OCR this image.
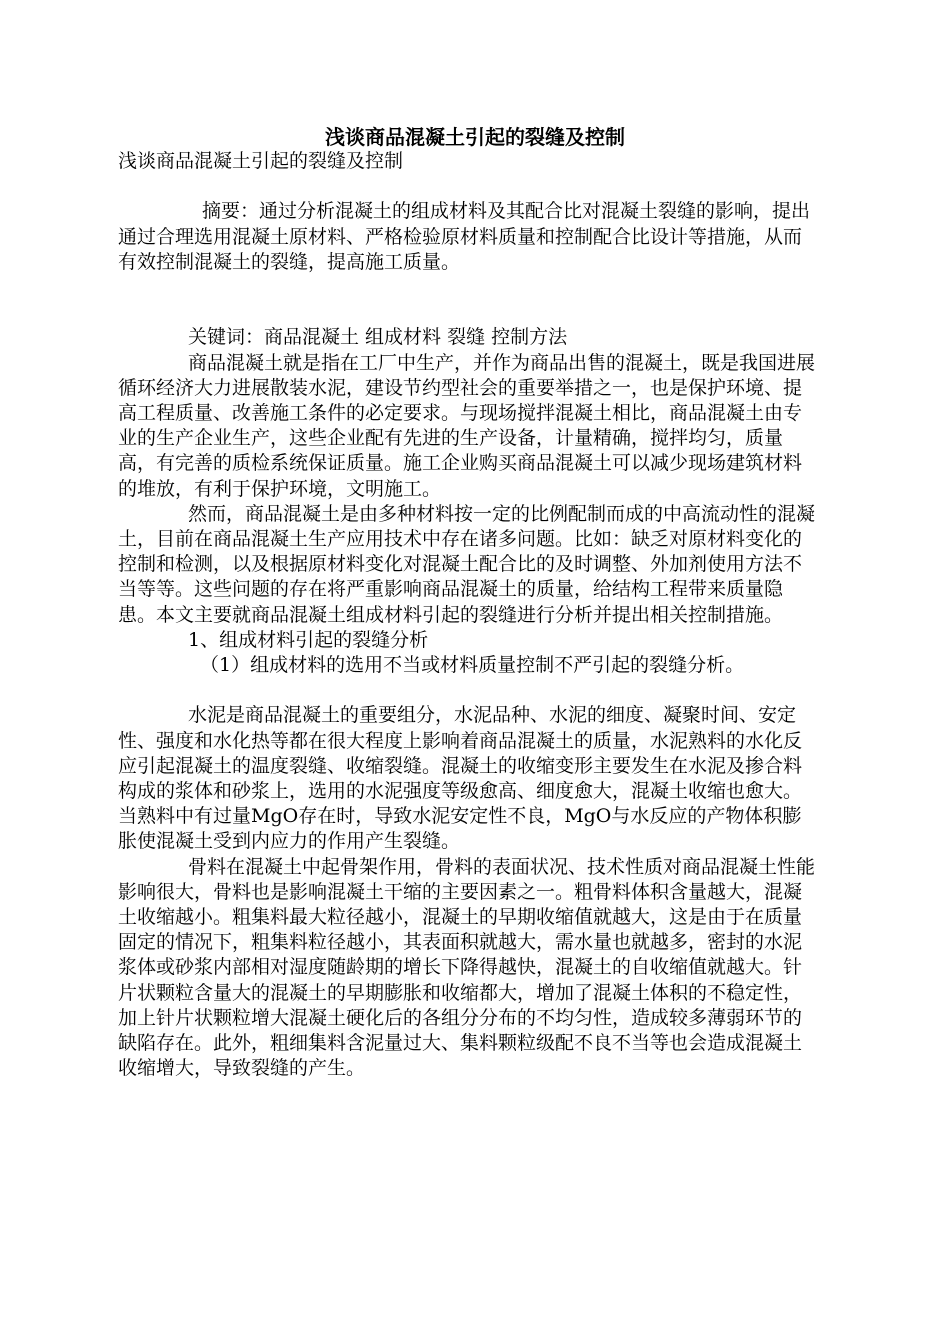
浅谈商品混凝土引起的裂缝及控制

浅谈商品混凝土引起的裂缝及控制

摘要：通过分析混凝土的组成材料及其配合比对混凝土裂缝的影响，提出通过合理选用混凝土原材料、严格检验原材料质量和控制配合比设计等措施，从而有效控制混凝土的裂缝，提高施工质量。

关键词：商品混凝土 组成材料 裂缝 控制方法

商品混凝土就是指在工厂中生产，并作为商品出售的混凝土，既是我国进展循环经济大力进展散装水泥，建设节约型社会的重要举措之一，也是保护环境、提高工程质量、改善施工条件的必定要求。与现场搅拌混凝土相比，商品混凝土由专业的生产企业生产，这些企业配有先进的生产设备，计量精确，搅拌均匀，质量高，有完善的质检系统保证质量。施工企业购买商品混凝土可以减少现场建筑材料的堆放，有利于保护环境，文明施工。

然而，商品混凝土是由多种材料按一定的比例配制而成的中高流动性的混凝土，目前在商品混凝土生产应用技术中存在诸多问题。比如：缺乏对原材料变化的控制和检测，以及根据原材料变化对混凝土配合比的及时调整、外加剂使用方法不当等等。这些问题的存在将严重影响商品混凝土的质量，给结构工程带来质量隐患。本文主要就商品混凝土组成材料引起的裂缝进行分析并提出相关控制措施。

1、组成材料引起的裂缝分析

（1）组成材料的选用不当或材料质量控制不严引起的裂缝分析。

水泥是商品混凝土的重要组分，水泥品种、水泥的细度、凝聚时间、安定性、强度和水化热等都在很大程度上影响着商品混凝土的质量，水泥熟料的水化反应引起混凝土的温度裂缝、收缩裂缝。混凝土的收缩变形主要发生在水泥及掺合料构成的浆体和砂浆上，选用的水泥强度等级愈高、细度愈大，混凝土收缩也愈大。当熟料中有过量MgO存在时，导致水泥安定性不良，MgO与水反应的产物体积膨胀使混凝土受到内应力的作用产生裂缝。

骨料在混凝土中起骨架作用，骨料的表面状况、技术性质对商品混凝土性能影响很大，骨料也是影响混凝土干缩的主要因素之一。粗骨料体积含量越大，混凝土收缩越小。粗集料最大粒径越小，混凝土的早期收缩值就越大，这是由于在质量固定的情况下，粗集料粒径越小，其表面积就越大，需水量也就越多，密封的水泥浆体或砂浆内部相对湿度随龄期的增长下降得越快，混凝土的自收缩值就越大。针片状颗粒含量大的混凝土的早期膨胀和收缩都大，增加了混凝土体积的不稳定性，加上针片状颗粒增大混凝土硬化后的各组分分布的不均匀性，造成较多薄弱环节的缺陷存在。此外，粗细集料含泥量过大、集料颗粒级配不良不当等也会造成混凝土收缩增大，导致裂缝的产生。
